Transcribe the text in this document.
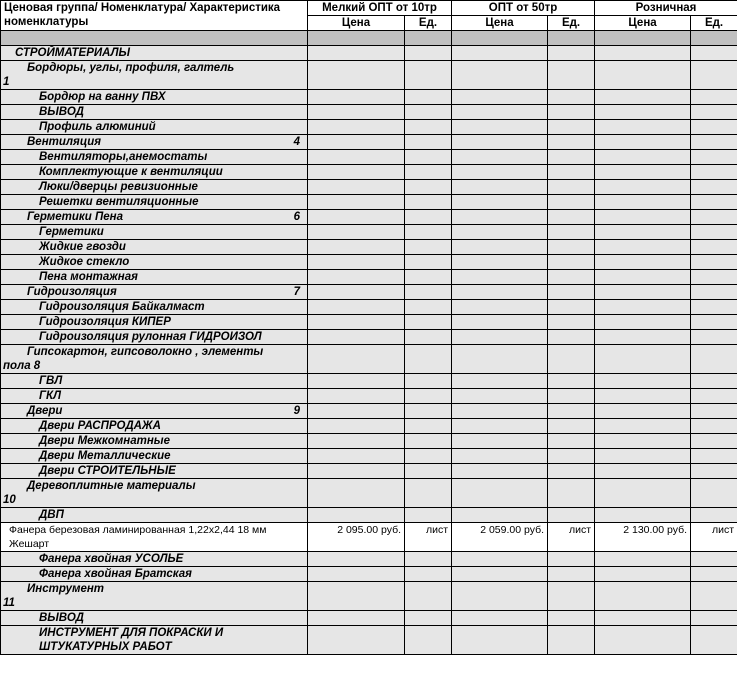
Ценовая группа/ Номенклатура/ Характеристика номенклатуры	Мелкий ОПТ от 10тр		ОПТ от 50тр		Розничная	
	Цена	Ед.	Цена	Ед.	Цена	Ед.

СТРОЙМАТЕРИАЛЫ						
Бордюры, углы, профиля, галтель
1						

Бордюр на ванну ПВХ						
ВЫВОД						
Профиль алюминий						
Вентиляция 4						

Вентиляторы,анемостаты						
Комплектующие к вентиляции						
Люки/дверцы ревизионные						
Решетки вентиляционные						
Герметики Пена 6						

Герметики						
Жидкие гвозди						
Жидкое стекло						
Пена монтажная						
Гидроизоляция 7						

Гидроизоляция Байкалмаст						
Гидроизоляция КИПЕР						
Гидроизоляция рулонная ГИДРОИЗОЛ						
Гипсокартон, гипсоволокно , элементы
пола 8						

ГВЛ						
ГКЛ						
Двери 9						

Двери РАСПРОДАЖА						
Двери Межкомнатные						
Двери Металлические						
Двери СТРОИТЕЛЬНЫЕ						
Деревоплитные материалы
10						

ДВП						
Фанера березовая ламинированная 1,22х2,44 18 мм Жешарт	2 095.00 руб.	лист	2 059.00 руб.	лист	2 130.00 руб.	лист
Фанера хвойная УСОЛЬЕ						
Фанера хвойная Братская						
Инструмент
11						

ВЫВОД						
ИНСТРУМЕНТ ДЛЯ ПОКРАСКИ И ШТУКАТУРНЫХ РАБОТ						
